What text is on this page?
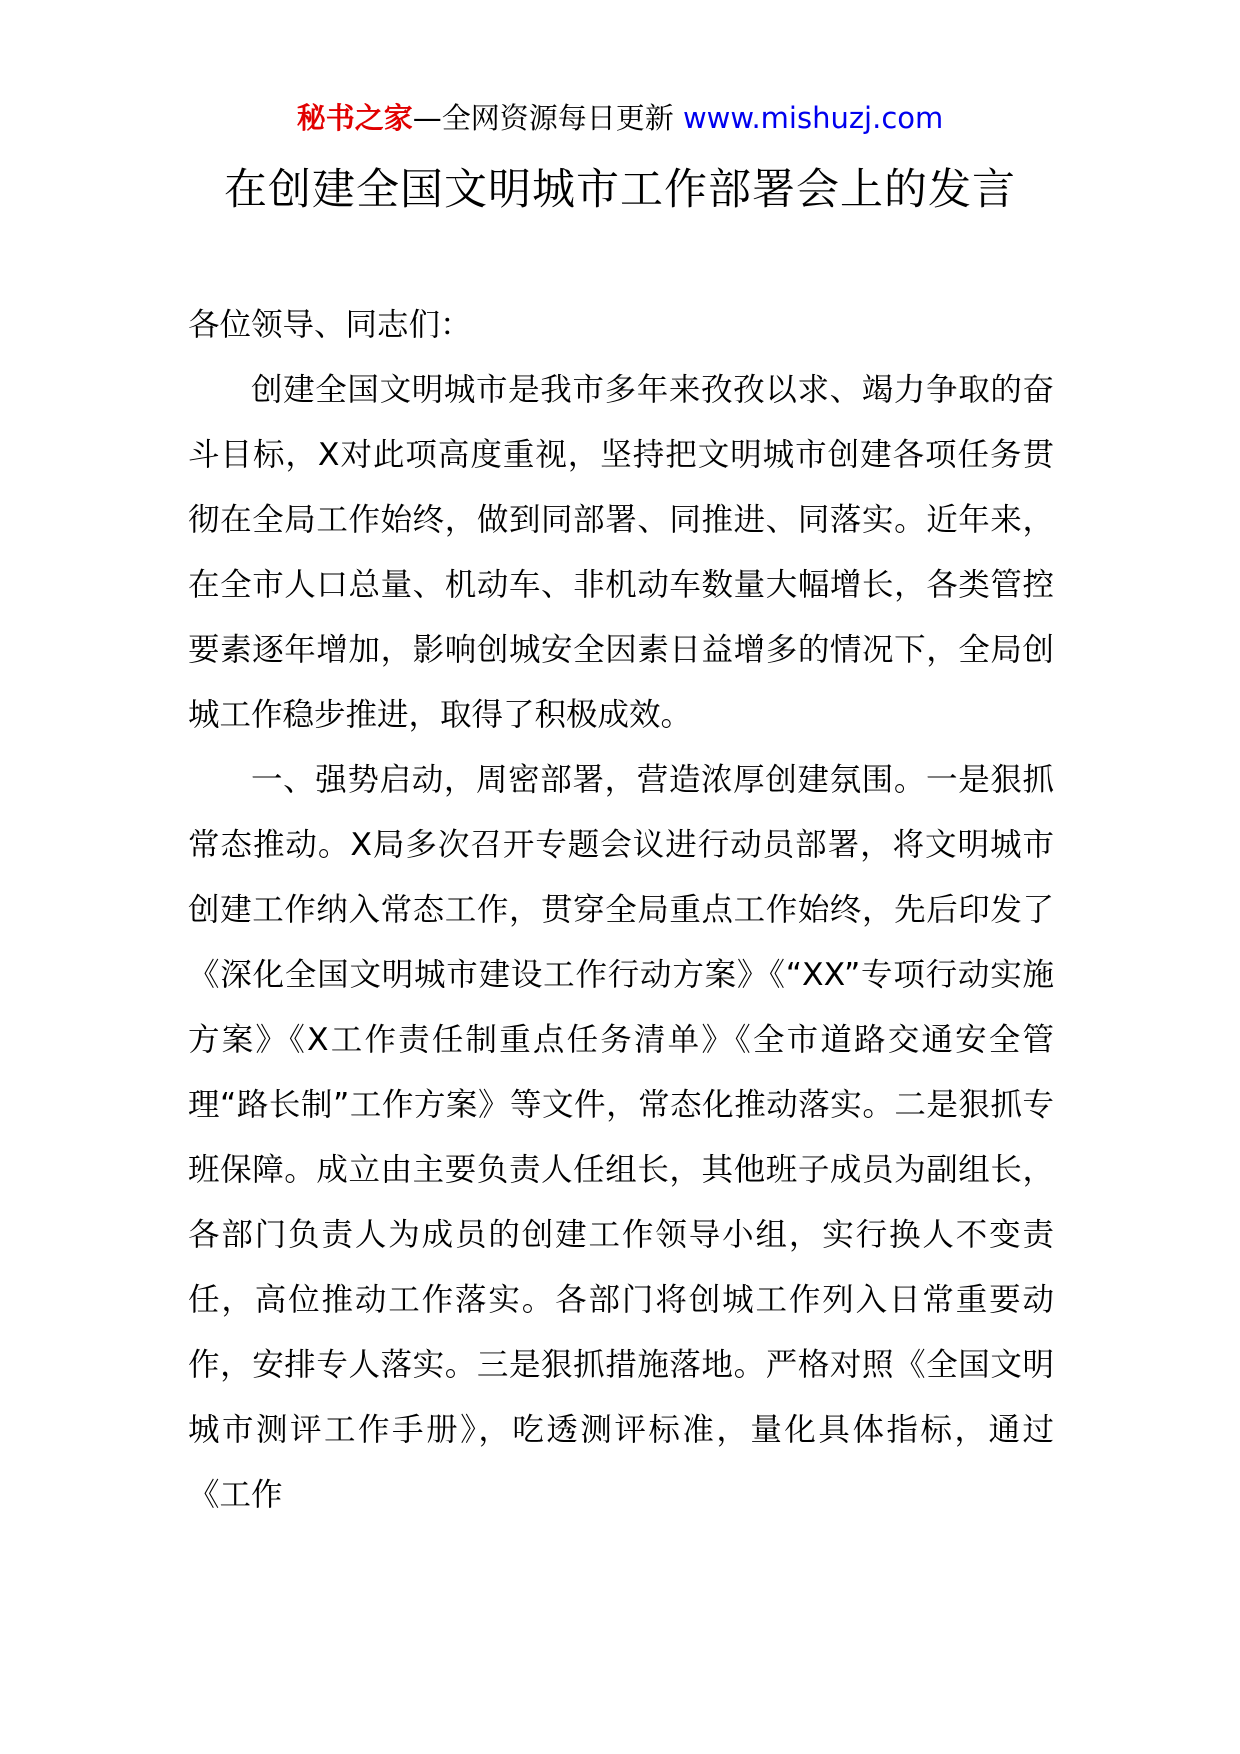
秘书之家—全网资源每日更新 www.mishuzj.com
在创建全国文明城市工作部署会上的发言

各位领导、同志们：

创建全国文明城市是我市多年来孜孜以求、竭力争取的奋斗目标，X对此项高度重视，坚持把文明城市创建各项任务贯彻在全局工作始终，做到同部署、同推进、同落实。近年来，在全市人口总量、机动车、非机动车数量大幅增长，各类管控要素逐年增加，影响创城安全因素日益增多的情况下，全局创城工作稳步推进，取得了积极成效。

一、强势启动，周密部署，营造浓厚创建氛围。一是狠抓常态推动。X局多次召开专题会议进行动员部署，将文明城市创建工作纳入常态工作，贯穿全局重点工作始终，先后印发了《深化全国文明城市建设工作行动方案》《“XX”专项行动实施方案》《X工作责任制重点任务清单》《全市道路交通安全管理“路长制”工作方案》等文件，常态化推动落实。二是狠抓专班保障。成立由主要负责人任组长，其他班子成员为副组长，各部门负责人为成员的创建工作领导小组，实行换人不变责任，高位推动工作落实。各部门将创城工作列入日常重要动作，安排专人落实。三是狠抓措施落地。严格对照《全国文明城市测评工作手册》，吃透测评标准，量化具体指标，通过《工作
